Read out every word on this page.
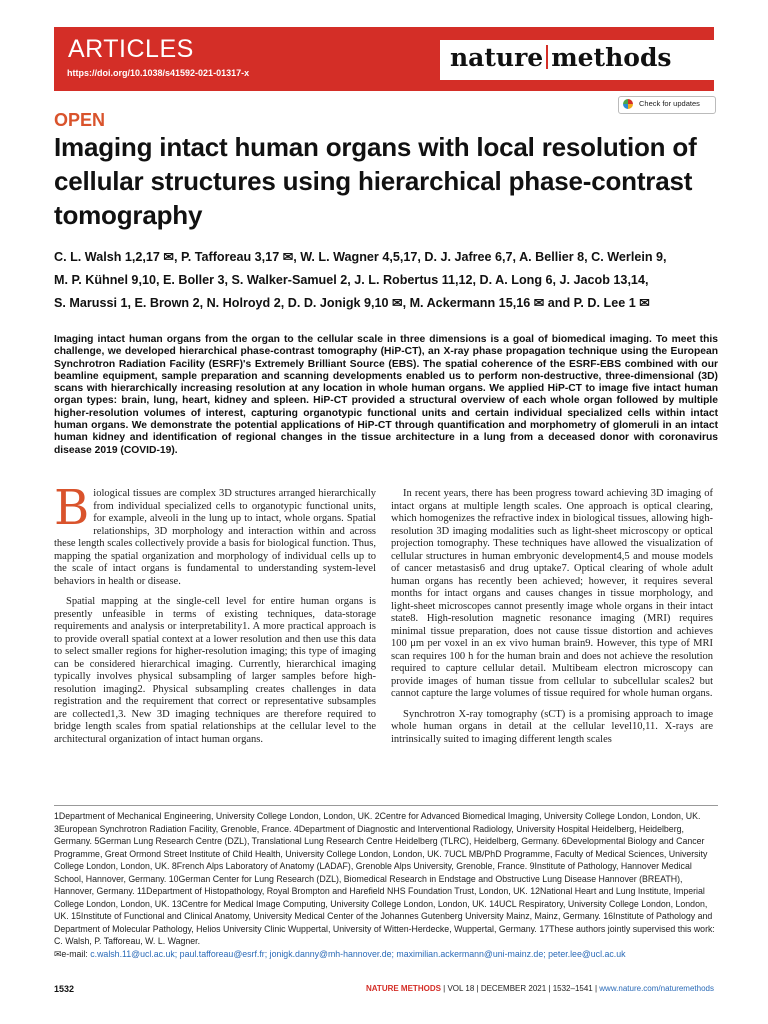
ARTICLES
https://doi.org/10.1038/s41592-021-01317-x
nature methods
Check for updates
OPEN
Imaging intact human organs with local resolution of cellular structures using hierarchical phase-contrast tomography
C. L. Walsh 1,2,17 ✉, P. Tafforeau 3,17 ✉, W. L. Wagner 4,5,17, D. J. Jafree 6,7, A. Bellier 8, C. Werlein 9,
M. P. Kühnel 9,10, E. Boller 3, S. Walker-Samuel 2, J. L. Robertus 11,12, D. A. Long 6, J. Jacob 13,14,
S. Marussi 1, E. Brown 2, N. Holroyd 2, D. D. Jonigk 9,10 ✉, M. Ackermann 15,16 ✉ and P. D. Lee 1 ✉
Imaging intact human organs from the organ to the cellular scale in three dimensions is a goal of biomedical imaging. To meet this challenge, we developed hierarchical phase-contrast tomography (HiP-CT), an X-ray phase propagation technique using the European Synchrotron Radiation Facility (ESRF)'s Extremely Brilliant Source (EBS). The spatial coherence of the ESRF-EBS combined with our beamline equipment, sample preparation and scanning developments enabled us to perform non-destructive, three-dimensional (3D) scans with hierarchically increasing resolution at any location in whole human organs. We applied HiP-CT to image five intact human organ types: brain, lung, heart, kidney and spleen. HiP-CT provided a structural overview of each whole organ followed by multiple higher-resolution volumes of interest, capturing organotypic functional units and certain individual specialized cells within intact human organs. We demonstrate the potential applications of HiP-CT through quantification and morphometry of glomeruli in an intact human kidney and identification of regional changes in the tissue architecture in a lung from a deceased donor with coronavirus disease 2019 (COVID-19).

Biological tissues are complex 3D structures arranged hierarchically from individual specialized cells to organotypic functional units, for example, alveoli in the lung up to intact, whole organs. Spatial relationships, 3D morphology and interaction within and across these length scales collectively provide a basis for biological function. Thus, mapping the spatial organization and morphology of individual cells up to the scale of intact organs is fundamental to understanding system-level behaviors in health or disease.

Spatial mapping at the single-cell level for entire human organs is presently unfeasible in terms of existing techniques, data-storage requirements and analysis or interpretability1. A more practical approach is to provide overall spatial context at a lower resolution and then use this data to select smaller regions for higher-resolution imaging; this type of imaging can be considered hierarchical imaging. Currently, hierarchical imaging typically involves physical subsampling of larger samples before high-resolution imaging2. Physical subsampling creates challenges in data registration and the requirement that correct or representative subsamples are collected1,3. New 3D imaging techniques are therefore required to bridge length scales from spatial relationships at the cellular level to the architectural organization of intact human organs.

In recent years, there has been progress toward achieving 3D imaging of intact organs at multiple length scales. One approach is optical clearing, which homogenizes the refractive index in biological tissues, allowing high-resolution 3D imaging modalities such as light-sheet microscopy or optical projection tomography. These techniques have allowed the visualization of cellular structures in human embryonic development4,5 and mouse models of cancer metastasis6 and drug uptake7. Optical clearing of whole adult human organs has recently been achieved; however, it requires several months for intact organs and causes changes in tissue morphology, and light-sheet microscopes cannot presently image whole organs in their intact state8. High-resolution magnetic resonance imaging (MRI) requires minimal tissue preparation, does not cause tissue distortion and achieves 100 μm per voxel in an ex vivo human brain9. However, this type of MRI scan requires 100 h for the human brain and does not achieve the resolution required to capture cellular detail. Multibeam electron microscopy can provide images of human tissue from cellular to subcellular scales2 but cannot capture the large volumes of tissue required for whole human organs.

Synchrotron X-ray tomography (sCT) is a promising approach to image whole human organs in detail at the cellular level10,11. X-rays are intrinsically suited to imaging different length scales

1Department of Mechanical Engineering, University College London, London, UK. 2Centre for Advanced Biomedical Imaging, University College London, London, UK. 3European Synchrotron Radiation Facility, Grenoble, France. 4Department of Diagnostic and Interventional Radiology, University Hospital Heidelberg, Heidelberg, Germany. 5German Lung Research Centre (DZL), Translational Lung Research Centre Heidelberg (TLRC), Heidelberg, Germany. 6Developmental Biology and Cancer Programme, Great Ormond Street Institute of Child Health, University College London, London, UK. 7UCL MB/PhD Programme, Faculty of Medical Sciences, University College London, London, UK. 8French Alps Laboratory of Anatomy (LADAF), Grenoble Alps University, Grenoble, France. 9Institute of Pathology, Hannover Medical School, Hannover, Germany. 10German Center for Lung Research (DZL), Biomedical Research in Endstage and Obstructive Lung Disease Hannover (BREATH), Hannover, Germany. 11Department of Histopathology, Royal Brompton and Harefield NHS Foundation Trust, London, UK. 12National Heart and Lung Institute, Imperial College London, London, UK. 13Centre for Medical Image Computing, University College London, London, UK. 14UCL Respiratory, University College London, London, UK. 15Institute of Functional and Clinical Anatomy, University Medical Center of the Johannes Gutenberg University Mainz, Mainz, Germany. 16Institute of Pathology and Department of Molecular Pathology, Helios University Clinic Wuppertal, University of Witten-Herdecke, Wuppertal, Germany. 17These authors jointly supervised this work: C. Walsh, P. Tafforeau, W. L. Wagner.
✉e-mail: c.walsh.11@ucl.ac.uk; paul.tafforeau@esrf.fr; jonigk.danny@mh-hannover.de; maximilian.ackermann@uni-mainz.de; peter.lee@ucl.ac.uk
1532	NATURE METHODS | VOL 18 | DECEMBER 2021 | 1532–1541 | www.nature.com/naturemethods
